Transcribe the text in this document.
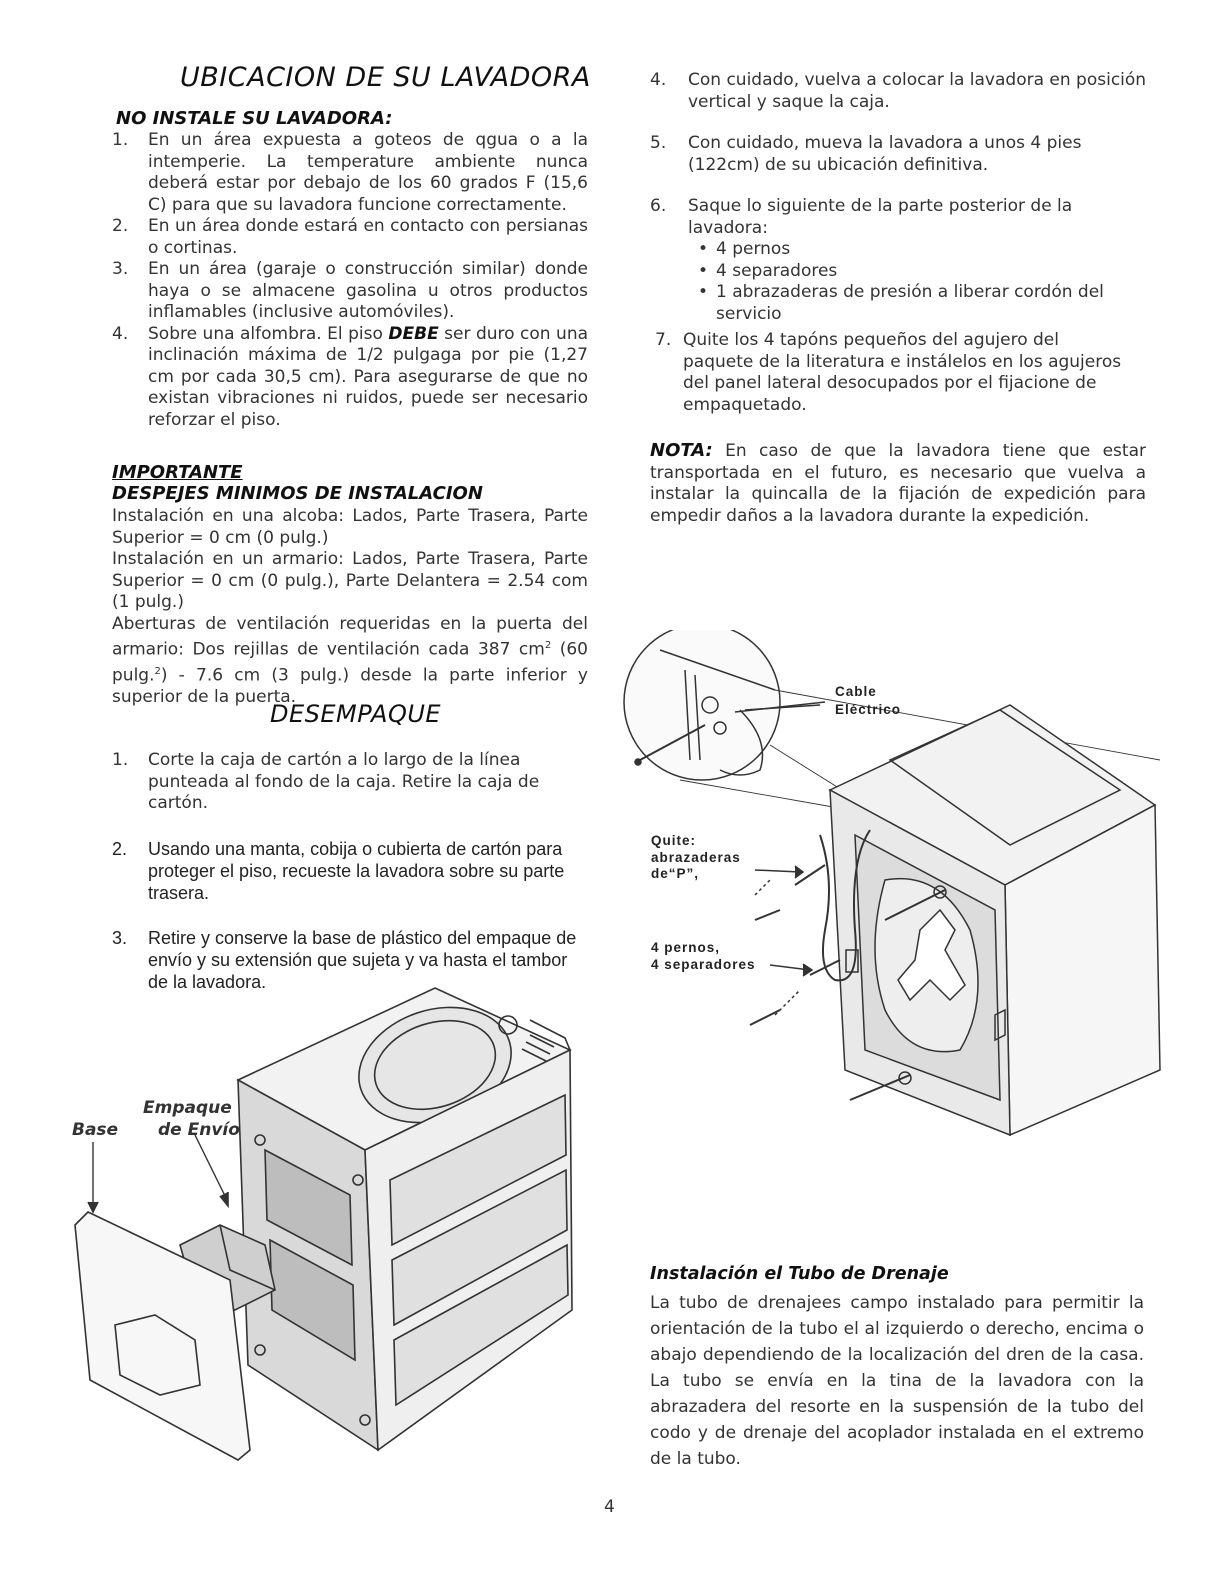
UBICACION DE SU LAVADORA
NO INSTALE SU LAVADORA:
1. En un área expuesta a goteos de qgua o a la intemperie. La temperature ambiente nunca deberá estar por debajo de los 60 grados F (15,6 C) para que su lavadora funcione correctamente.
2. En un área donde estará en contacto con persianas o cortinas.
3. En un área (garaje o construcción similar) donde haya o se almacene gasolina u otros productos inflamables (inclusive automóviles).
4. Sobre una alfombra. El piso DEBE ser duro con una inclinación máxima de 1/2 pulgaga por pie (1,27 cm por cada 30,5 cm). Para asegurarse de que no existan vibraciones ni ruidos, puede ser necesario reforzar el piso.
IMPORTANTE
DESPEJES MINIMOS DE INSTALACION
Instalación en una alcoba: Lados, Parte Trasera, Parte Superior = 0 cm (0 pulg.)
Instalación en un armario: Lados, Parte Trasera, Parte Superior = 0 cm (0 pulg.), Parte Delantera = 2.54 com (1 pulg.)
Aberturas de ventilación requeridas en la puerta del armario: Dos rejillas de ventilación cada 387 $cm^2$ (60 pulg.$^2$) - 7.6 cm (3 pulg.) desde la parte inferior y superior de la puerta.
DESEMPAQUE
1. Corte la caja de cartón a lo largo de la línea punteada al fondo de la caja. Retire la caja de cartón.
2. Usando una manta, cobija o cubierta de cartón para proteger el piso, recueste la lavadora sobre su parte trasera.
3. Retire y conserve la base de plástico del empaque de envío y su extensión que sujeta y va hasta el tambor de la lavadora.
Base
Empaque
de Envío
4. Con cuidado, vuelva a colocar la lavadora en posición vertical y saque la caja.
5. Con cuidado, mueva la lavadora a unos 4 pies (122cm) de su ubicación definitiva.
6. Saque lo siguiente de la parte posterior de la lavadora:
• 4 pernos
• 4 separadores
• 1 abrazaderas de presión a liberar cordón del servicio
7. Quite los 4 tapóns pequeños del agujero del paquete de la literatura e instálelos en los agujeros del panel lateral desocupados por el fijacione de empaquetado.
NOTA: En caso de que la lavadora tiene que estar transportada en el futuro, es necesario que vuelva a instalar la quincalla de la fijación de expedición para empedir daños a la lavadora durante la expedición.
Cable
Eléctrico
Quite:
abrazaderas
de“P”,
4 pernos,
4 separadores
Instalación el Tubo de Drenaje
La tubo de drenajees campo instalado para permitir la orientación de la tubo el al izquierdo o derecho, encima o abajo dependiendo de la localización del dren de la casa. La tubo se envía en la tina de la lavadora con la abrazadera del resorte en la suspensión de la tubo del codo y de drenaje del acoplador instalada en el extremo de la tubo.
4
